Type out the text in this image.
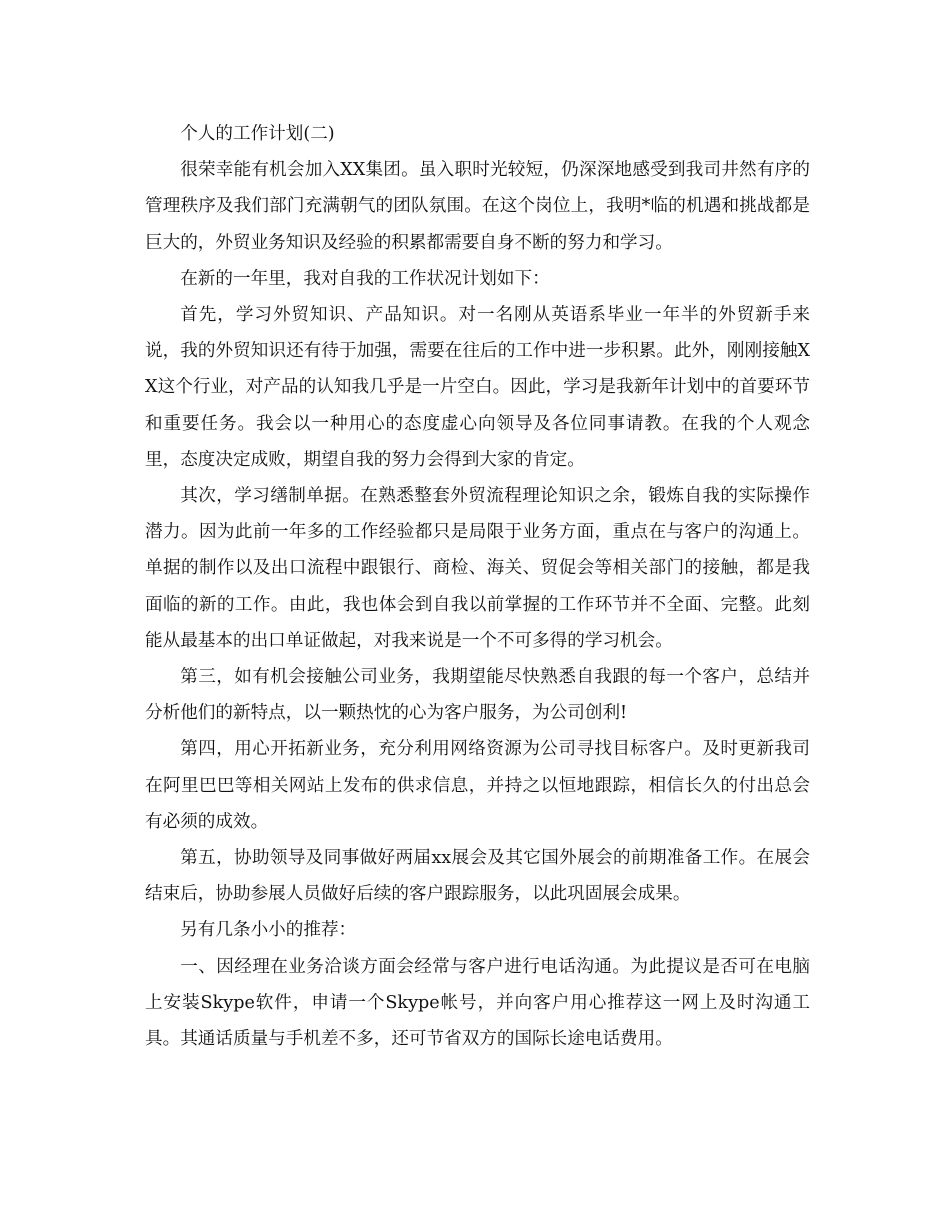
个人的工作计划(二)

很荣幸能有机会加入XX集团。虽入职时光较短，仍深深地感受到我司井然有序的管理秩序及我们部门充满朝气的团队氛围。在这个岗位上，我明*临的机遇和挑战都是巨大的，外贸业务知识及经验的积累都需要自身不断的努力和学习。

在新的一年里，我对自我的工作状况计划如下：

首先，学习外贸知识、产品知识。对一名刚从英语系毕业一年半的外贸新手来说，我的外贸知识还有待于加强，需要在往后的工作中进一步积累。此外，刚刚接触XX这个行业，对产品的认知我几乎是一片空白。因此，学习是我新年计划中的首要环节和重要任务。我会以一种用心的态度虚心向领导及各位同事请教。在我的个人观念里，态度决定成败，期望自我的努力会得到大家的肯定。

其次，学习缮制单据。在熟悉整套外贸流程理论知识之余，锻炼自我的实际操作潜力。因为此前一年多的工作经验都只是局限于业务方面，重点在与客户的沟通上。单据的制作以及出口流程中跟银行、商检、海关、贸促会等相关部门的接触，都是我面临的新的工作。由此，我也体会到自我以前掌握的工作环节并不全面、完整。此刻能从最基本的出口单证做起，对我来说是一个不可多得的学习机会。

第三，如有机会接触公司业务，我期望能尽快熟悉自我跟的每一个客户，总结并分析他们的新特点，以一颗热忱的心为客户服务，为公司创利!

第四，用心开拓新业务，充分利用网络资源为公司寻找目标客户。及时更新我司在阿里巴巴等相关网站上发布的供求信息，并持之以恒地跟踪，相信长久的付出总会有必须的成效。

第五，协助领导及同事做好两届xx展会及其它国外展会的前期准备工作。在展会结束后，协助参展人员做好后续的客户跟踪服务，以此巩固展会成果。

另有几条小小的推荐：

一、因经理在业务洽谈方面会经常与客户进行电话沟通。为此提议是否可在电脑上安装Skype软件，申请一个Skype帐号，并向客户用心推荐这一网上及时沟通工具。其通话质量与手机差不多，还可节省双方的国际长途电话费用。
